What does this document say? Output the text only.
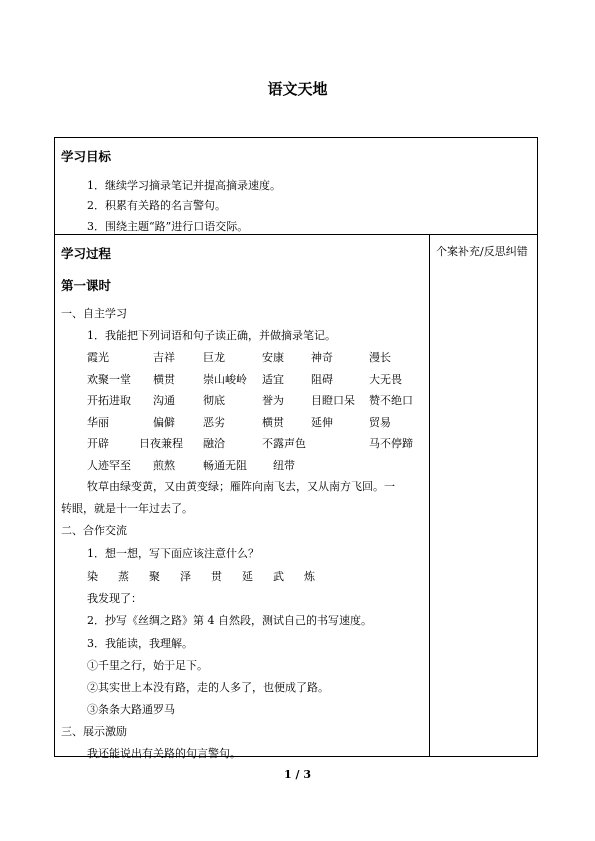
语文天地
学习目标
1．继续学习摘录笔记并提高摘录速度。
2．积累有关路的名言警句。
3．围绕主题“路”进行口语交际。
学习过程
第一课时
个案补充/反思纠错
一、自主学习
1．我能把下列词语和句子读正确，并做摘录笔记。
霞光	吉祥	巨龙	安康 神奇	漫长
欢聚一堂 横贯	崇山峻岭 适宜 阻碍	大无畏
开拓进取 沟通	彻底	誉为 目瞪口呆 赞不绝口
华丽	偏僻	恶劣	横贯 延伸	贸易
开辟	日夜兼程 融洽	不露声色	马不停蹄
人迹罕至 煎熬	畅通无阻 纽带
牧草由绿变黄，又由黄变绿；雁阵向南飞去，又从南方飞回。一
转眼，就是十一年过去了。
二、合作交流
1．想一想，写下面应该注意什么？
染 蒸 聚 泽 贯 延 武 炼
我发现了：
2．抄写《丝绸之路》第 4 自然段，测试自己的书写速度。
3．我能读，我理解。
①千里之行，始于足下。
②其实世上本没有路，走的人多了，也便成了路。
③条条大路通罗马
三、展示激励
我还能说出有关路的句言警句。
1 / 3
